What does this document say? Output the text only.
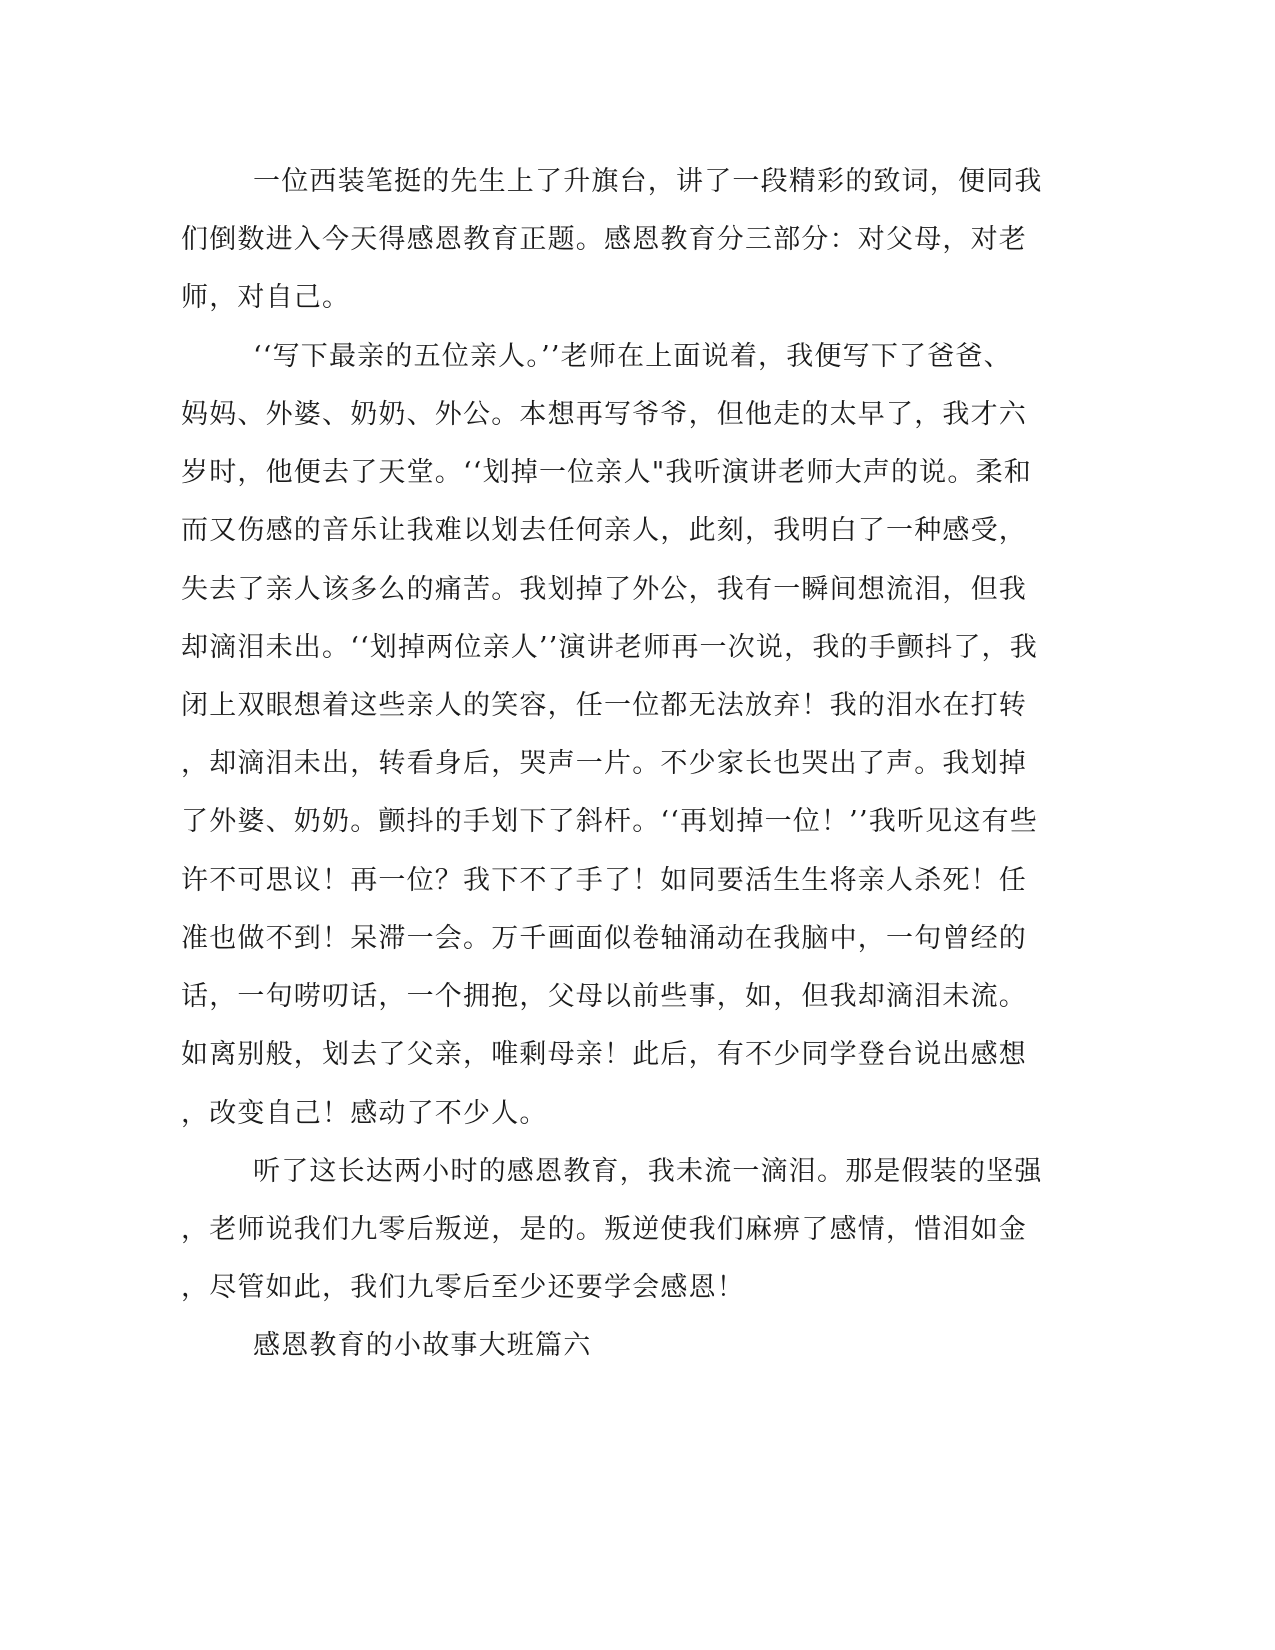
一位西装笔挺的先生上了升旗台，讲了一段精彩的致词，便同我
们倒数进入今天得感恩教育正题。感恩教育分三部分：对父母，对老
师，对自己。
‘‘写下最亲的五位亲人。’’老师在上面说着，我便写下了爸爸、
妈妈、外婆、奶奶、外公。本想再写爷爷，但他走的太早了，我才六
岁时，他便去了天堂。‘‘划掉一位亲人"我听演讲老师大声的说。柔和
而又伤感的音乐让我难以划去任何亲人，此刻，我明白了一种感受，
失去了亲人该多么的痛苦。我划掉了外公，我有一瞬间想流泪，但我
却滴泪未出。‘‘划掉两位亲人’’演讲老师再一次说，我的手颤抖了，我
闭上双眼想着这些亲人的笑容，任一位都无法放弃！我的泪水在打转
，却滴泪未出，转看身后，哭声一片。不少家长也哭出了声。我划掉
了外婆、奶奶。颤抖的手划下了斜杆。‘‘再划掉一位！’’我听见这有些
许不可思议！再一位？我下不了手了！如同要活生生将亲人杀死！任
准也做不到！呆滞一会。万千画面似卷轴涌动在我脑中，一句曾经的
话，一句唠叨话，一个拥抱，父母以前些事，如，但我却滴泪未流。
如离别般，划去了父亲，唯剩母亲！此后，有不少同学登台说出感想
，改变自己！感动了不少人。
听了这长达两小时的感恩教育，我未流一滴泪。那是假装的坚强
，老师说我们九零后叛逆，是的。叛逆使我们麻痹了感情，惜泪如金
，尽管如此，我们九零后至少还要学会感恩！
感恩教育的小故事大班篇六
